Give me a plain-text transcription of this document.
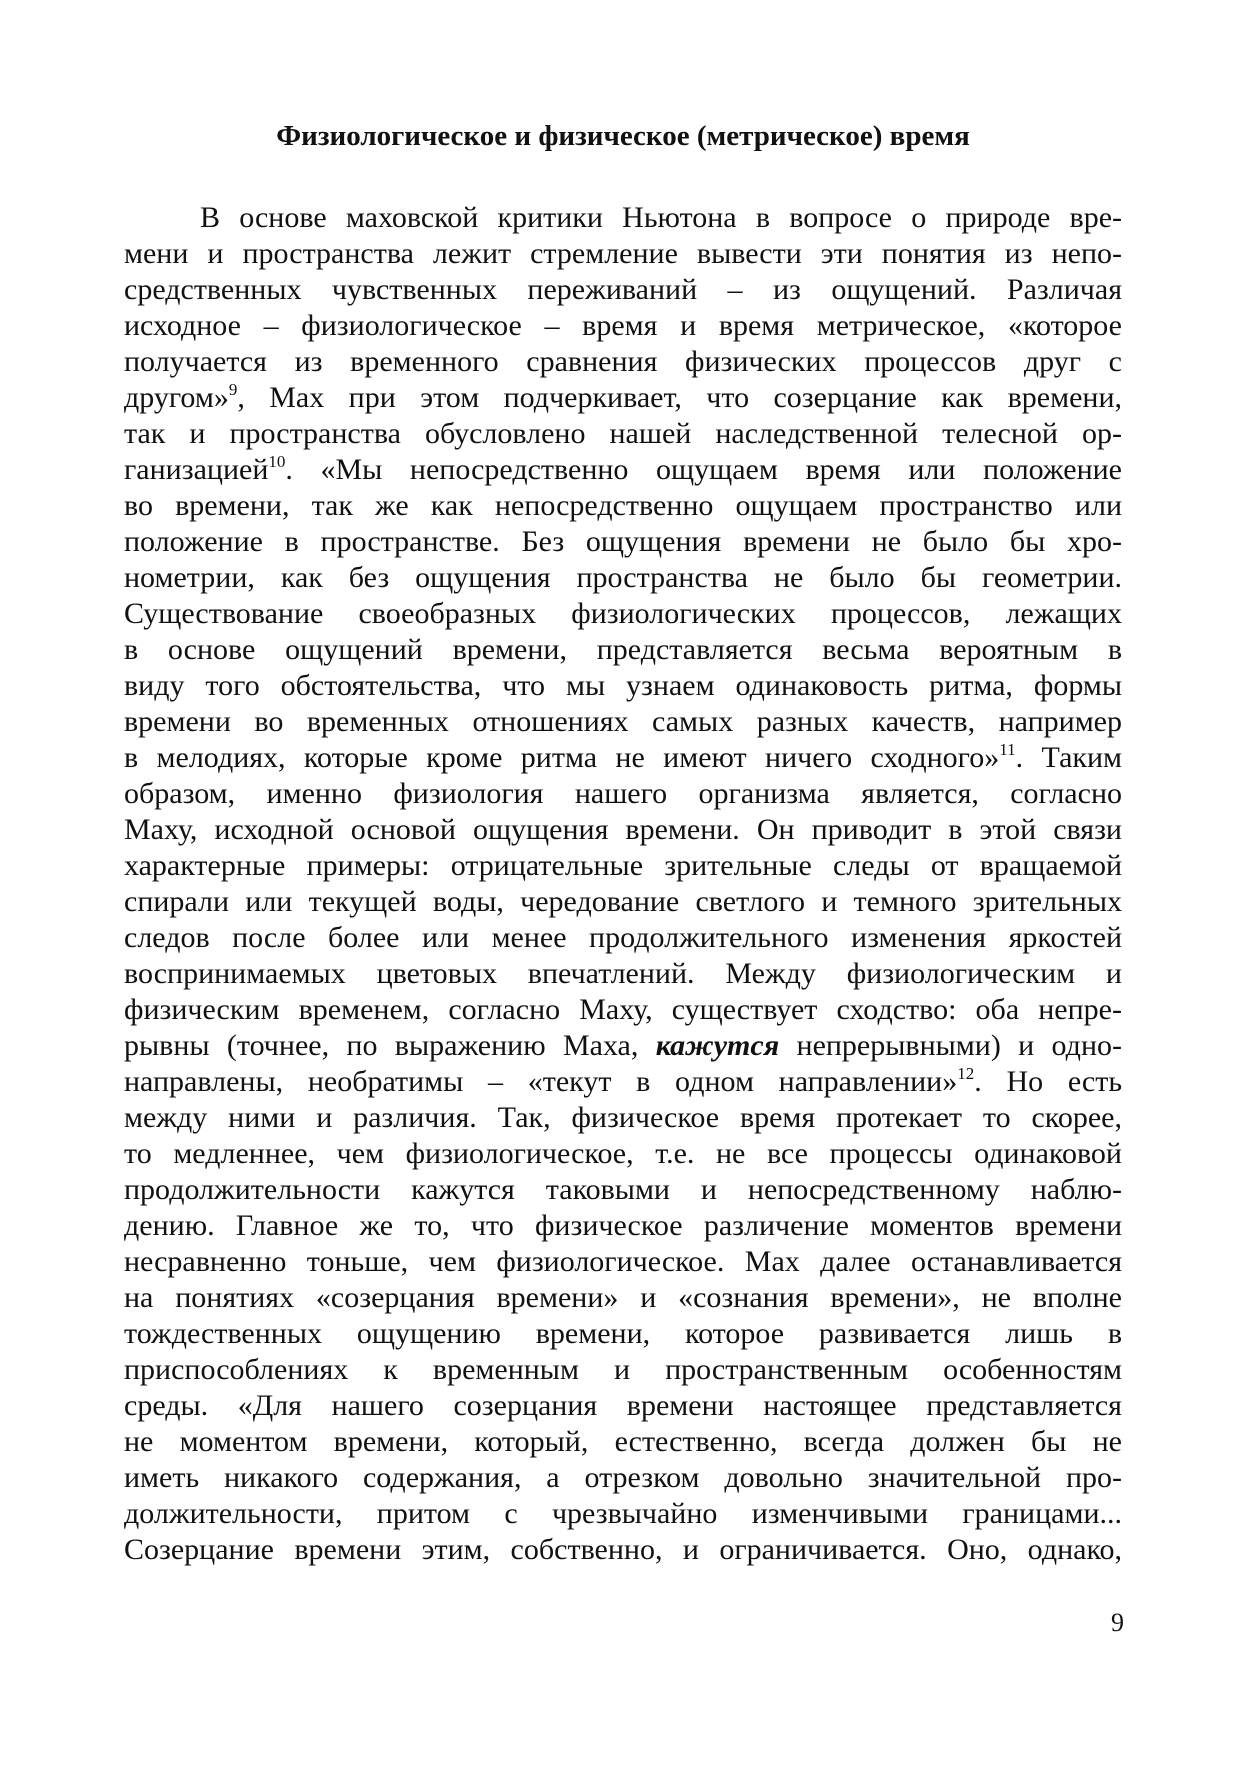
Физиологическое и физическое (метрическое) время
В основе маховской критики Ньютона в вопросе о природе вре-
мени и пространства лежит стремление вывести эти понятия из непо-
средственных чувственных переживаний – из ощущений. Различая
исходное – физиологическое – время и время метрическое, «которое
получается из временного сравнения физических процессов друг с
другом»$^9$, Мах при этом подчеркивает, что созерцание как времени,
так и пространства обусловлено нашей наследственной телесной ор-
ганизацией$^{10}$. «Мы непосредственно ощущаем время или положение
во времени, так же как непосредственно ощущаем пространство или
положение в пространстве. Без ощущения времени не было бы хро-
нометрии, как без ощущения пространства не было бы геометрии.
Существование своеобразных физиологических процессов, лежащих
в основе ощущений времени, представляется весьма вероятным в
виду того обстоятельства, что мы узнаем одинаковость ритма, формы
времени во временных отношениях самых разных качеств, например
в мелодиях, которые кроме ритма не имеют ничего сходного»$^{11}$. Таким
образом, именно физиология нашего организма является, согласно
Маху, исходной основой ощущения времени. Он приводит в этой связи
характерные примеры: отрицательные зрительные следы от вращаемой
спирали или текущей воды, чередование светлого и темного зрительных
следов после более или менее продолжительного изменения яркостей
воспринимаемых цветовых впечатлений. Между физиологическим и
физическим временем, согласно Маху, существует сходство: оба непре-
рывны (точнее, по выражению Маха, кажутся непрерывными) и одно-
направлены, необратимы – «текут в одном направлении»$^{12}$. Но есть
между ними и различия. Так, физическое время протекает то скорее,
то медленнее, чем физиологическое, т.е. не все процессы одинаковой
продолжительности кажутся таковыми и непосредственному наблю-
дению. Главное же то, что физическое различение моментов времени
несравненно тоньше, чем физиологическое. Мах далее останавливается
на понятиях «созерцания времени» и «сознания времени», не вполне
тождественных ощущению времени, которое развивается лишь в
приспособлениях к временным и пространственным особенностям
среды. «Для нашего созерцания времени настоящее представляется
не моментом времени, который, естественно, всегда должен бы не
иметь никакого содержания, а отрезком довольно значительной про-
должительности, притом с чрезвычайно изменчивыми границами...
Созерцание времени этим, собственно, и ограничивается. Оно, однако,
9
